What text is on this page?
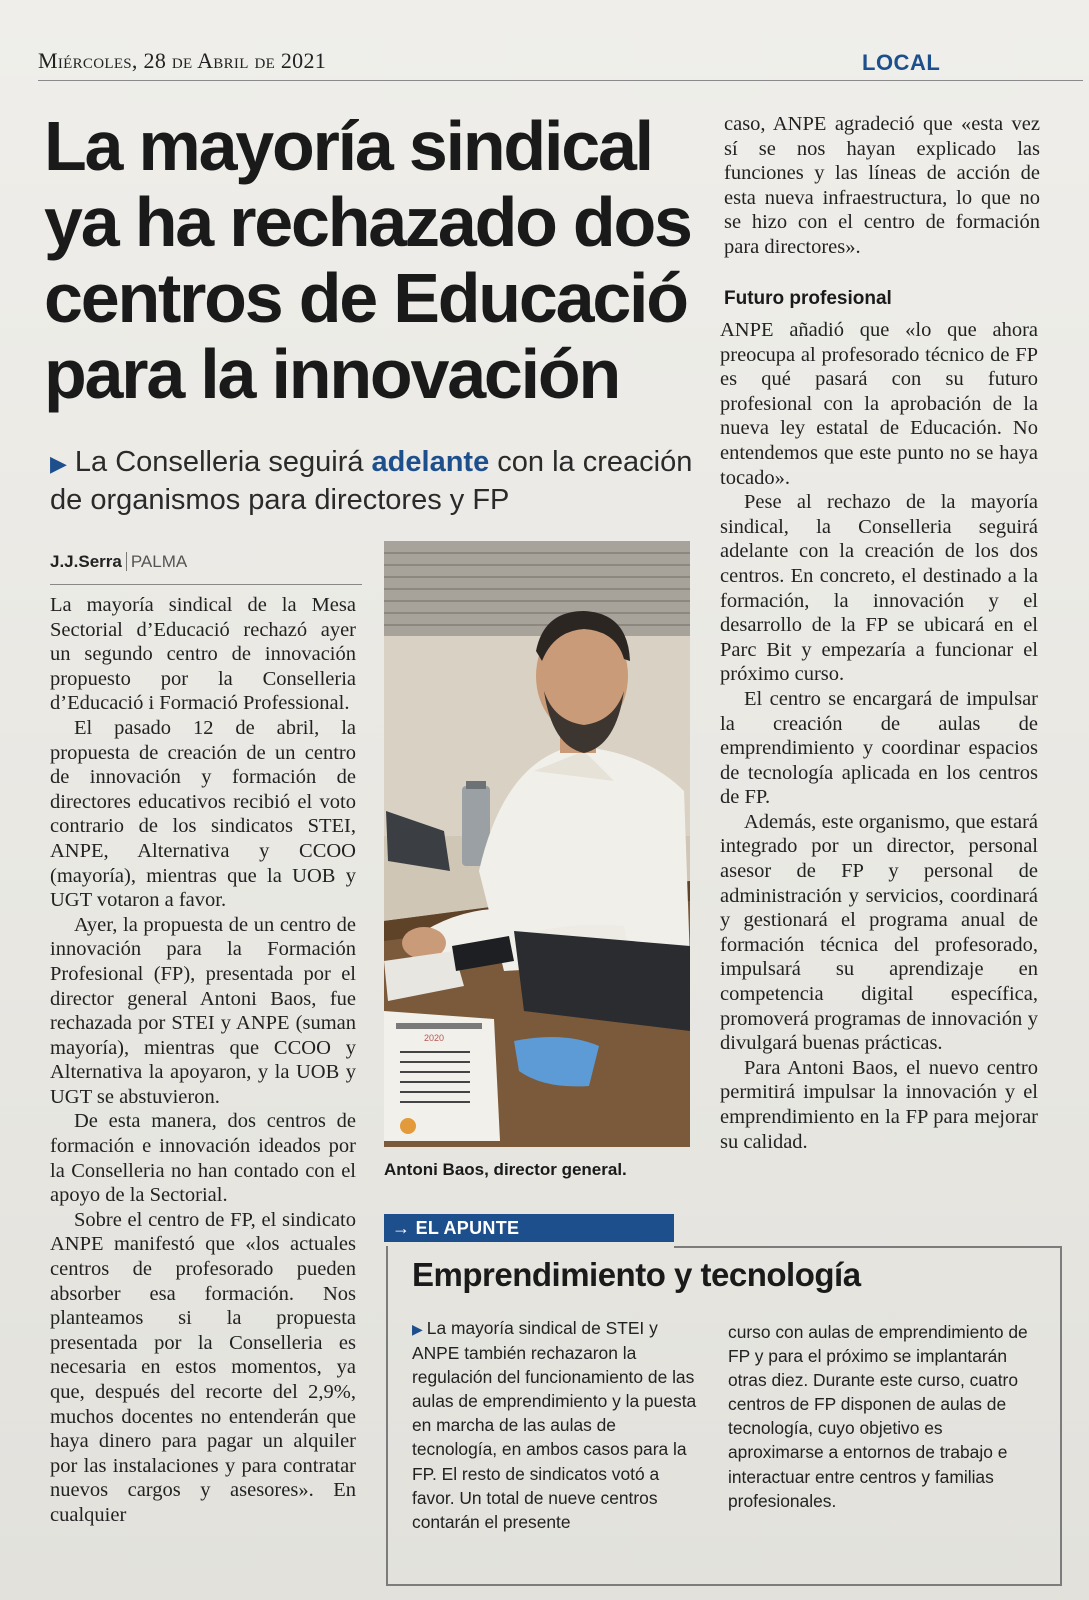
Miércoles, 28 de Abril de 2021	LOCAL
La mayoría sindical ya ha rechazado dos centros de Educació para la innovación

▶ La Conselleria seguirá adelante con la creación de organismos para directores y FP

J.J.Serra PALMA

La mayoría sindical de la Mesa Sectorial d’Educació rechazó ayer un segundo centro de innovación propuesto por la Conselleria d’Educació i Formació Professional.

El pasado 12 de abril, la propuesta de creación de un centro de innovación y formación de directores educativos recibió el voto contrario de los sindicatos STEI, ANPE, Alternativa y CCOO (mayoría), mientras que la UOB y UGT votaron a favor.

Ayer, la propuesta de un centro de innovación para la Formación Profesional (FP), presentada por el director general Antoni Baos, fue rechazada por STEI y ANPE (suman mayoría), mientras que CCOO y Alternativa la apoyaron, y la UOB y UGT se abstuvieron.

De esta manera, dos centros de formación e innovación ideados por la Conselleria no han contado con el apoyo de la Sectorial.

Sobre el centro de FP, el sindicato ANPE manifestó que «los actuales centros de profesorado pueden absorber esa formación. Nos planteamos si la propuesta presentada por la Conselleria es necesaria en estos momentos, ya que, después del recorte del 2,9%, muchos docentes no entenderán que haya dinero para pagar un alquiler por las instalaciones y para contratar nuevos cargos y asesores». En cualquier

2020
Antoni Baos, director general.

caso, ANPE agradeció que «esta vez sí se nos hayan explicado las funciones y las líneas de acción de esta nueva infraestructura, lo que no se hizo con el centro de formación para directores».

Futuro profesional

ANPE añadió que «lo que ahora preocupa al profesorado técnico de FP es qué pasará con su futuro profesional con la aprobación de la nueva ley estatal de Educación. No entendemos que este punto no se haya tocado».

Pese al rechazo de la mayoría sindical, la Conselleria seguirá adelante con la creación de los dos centros. En concreto, el destinado a la formación, la innovación y el desarrollo de la FP se ubicará en el Parc Bit y empezaría a funcionar el próximo curso.

El centro se encargará de impulsar la creación de aulas de emprendimiento y coordinar espacios de tecnología aplicada en los centros de FP.

Además, este organismo, que estará integrado por un director, personal asesor de FP y personal de administración y servicios, coordinará y gestionará el programa anual de formación técnica del profesorado, impulsará su aprendizaje en competencia digital específica, promoverá programas de innovación y divulgará buenas prácticas.

Para Antoni Baos, el nuevo centro permitirá impulsar la innovación y el emprendimiento en la FP para mejorar su calidad.

→ EL APUNTE
Emprendimiento y tecnología

▶ La mayoría sindical de STEI y ANPE también rechazaron la regulación del funcionamiento de las aulas de emprendimiento y la puesta en marcha de las aulas de tecnología, en ambos casos para la FP. El resto de sindicatos votó a favor. Un total de nueve centros contarán el presente

curso con aulas de emprendimiento de FP y para el próximo se implantarán otras diez. Durante este curso, cuatro centros de FP disponen de aulas de tecnología, cuyo objetivo es aproximarse a entornos de trabajo e interactuar entre centros y familias profesionales.
